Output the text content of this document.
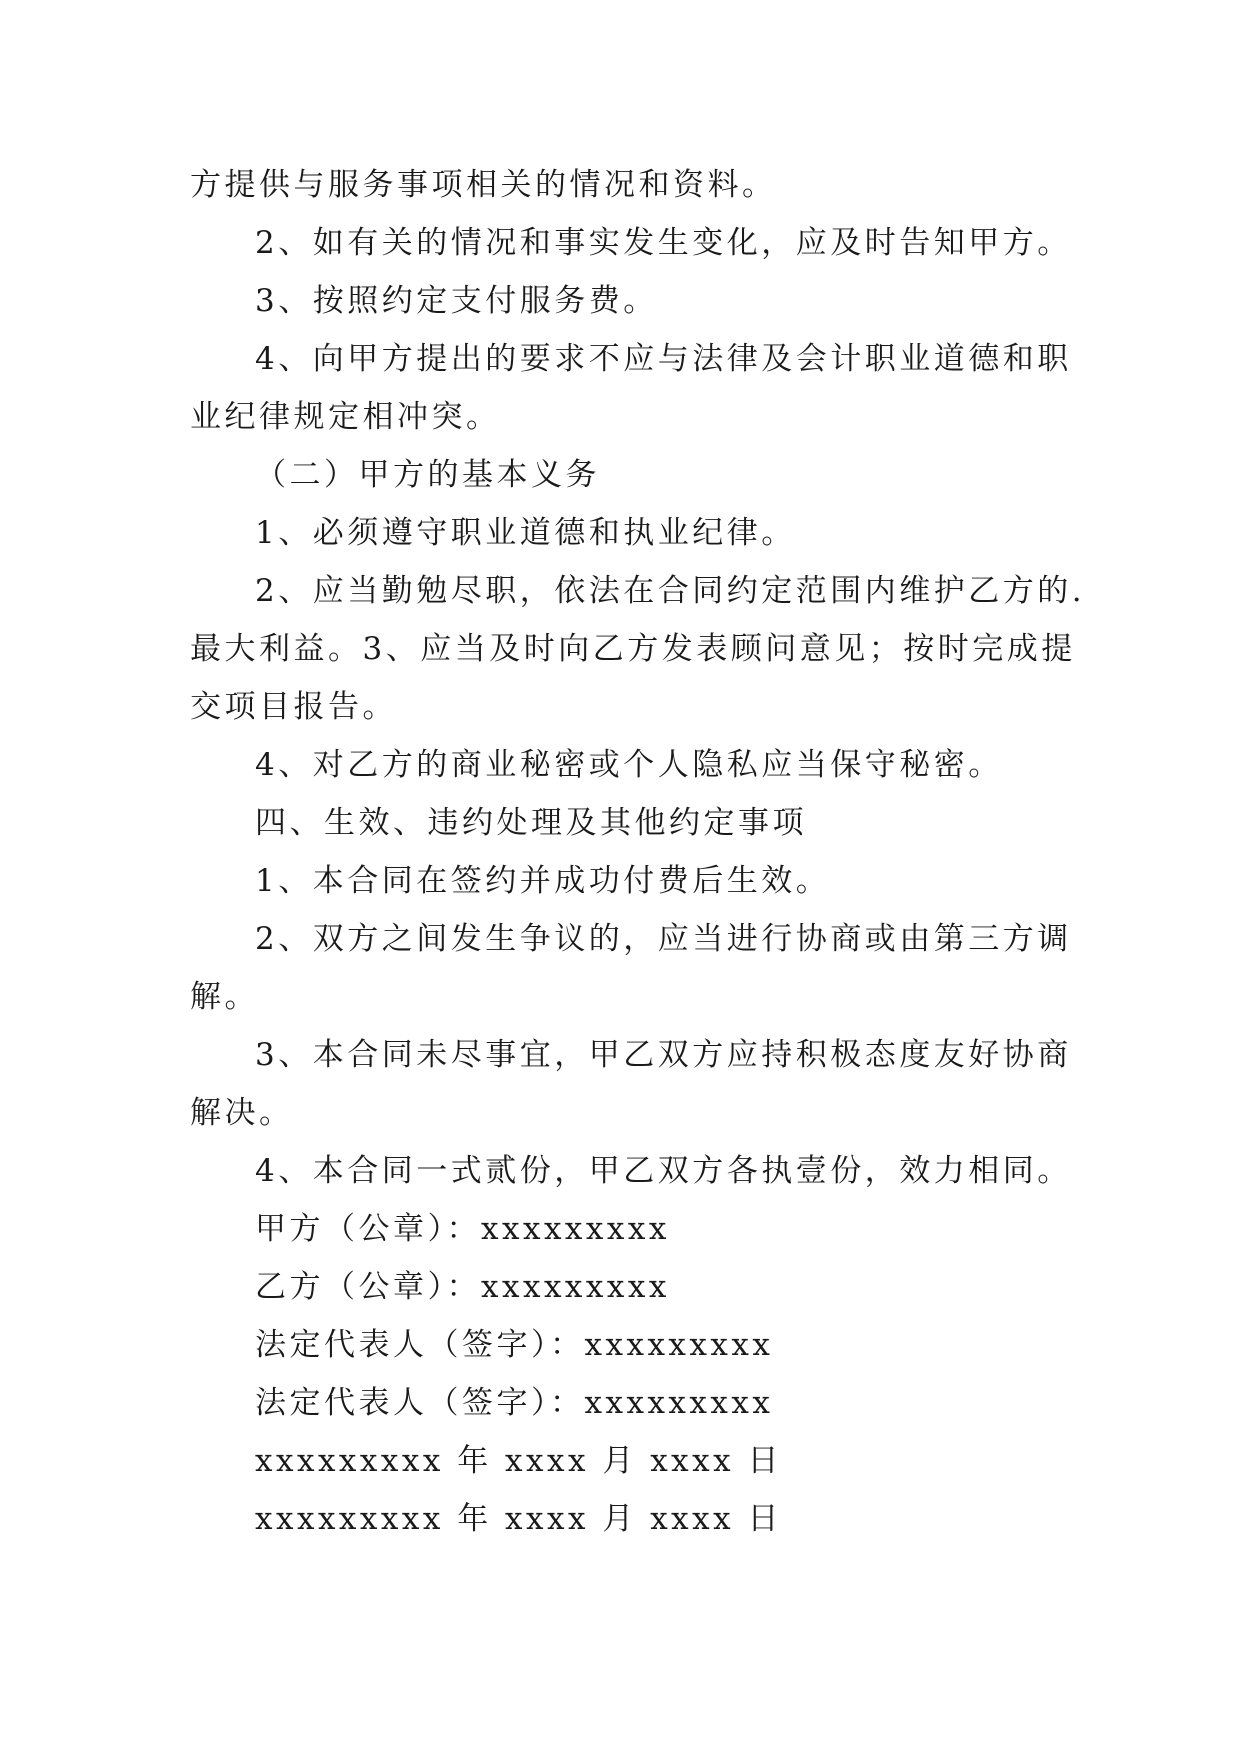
方提供与服务事项相关的情况和资料。
2、如有关的情况和事实发生变化，应及时告知甲方。
3、按照约定支付服务费。
4、向甲方提出的要求不应与法律及会计职业道德和职
业纪律规定相冲突。
（二）甲方的基本义务
1、必须遵守职业道德和执业纪律。
2、应当勤勉尽职，依法在合同约定范围内维护乙方的.
最大利益。3、应当及时向乙方发表顾问意见；按时完成提
交项目报告。
4、对乙方的商业秘密或个人隐私应当保守秘密。
四、生效、违约处理及其他约定事项
1、本合同在签约并成功付费后生效。
2、双方之间发生争议的，应当进行协商或由第三方调
解。
3、本合同未尽事宜，甲乙双方应持积极态度友好协商
解决。
4、本合同一式贰份，甲乙双方各执壹份，效力相同。
甲方（公章）：xxxxxxxxx
乙方（公章）：xxxxxxxxx
法定代表人（签字）：xxxxxxxxx
法定代表人（签字）：xxxxxxxxx
xxxxxxxxx 年 xxxx 月 xxxx 日
xxxxxxxxx 年 xxxx 月 xxxx 日
